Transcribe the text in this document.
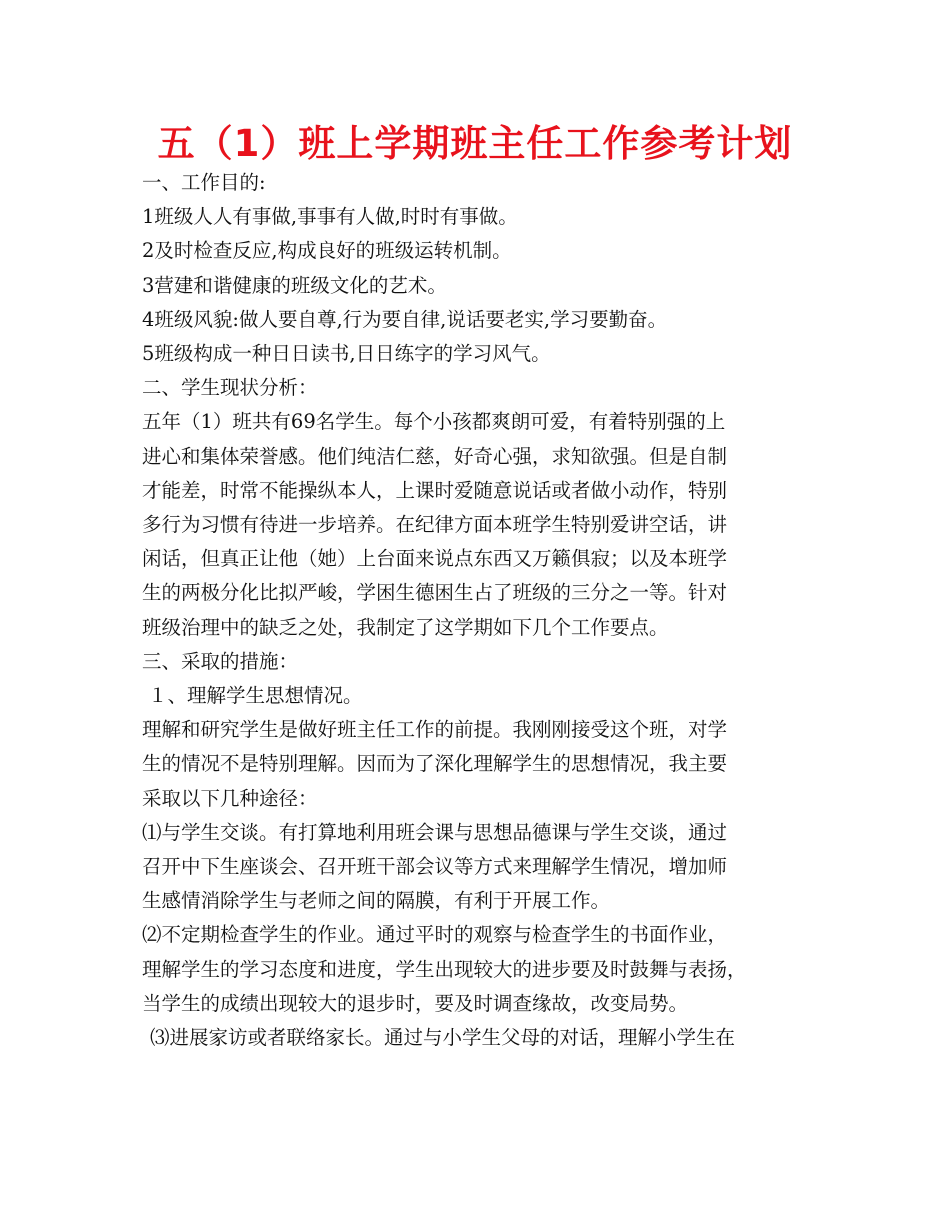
五（1）班上学期班主任工作参考计划

一、工作目的:

1班级人人有事做,事事有人做,时时有事做。

2及时检查反应,构成良好的班级运转机制。

3营建和谐健康的班级文化的艺术。

4班级风貌:做人要自尊,行为要自律,说话要老实,学习要勤奋。

5班级构成一种日日读书,日日练字的学习风气。

二、学生现状分析：

五年（1）班共有69名学生。每个小孩都爽朗可爱，有着特别强的上

进心和集体荣誉感。他们纯洁仁慈，好奇心强，求知欲强。但是自制

才能差，时常不能操纵本人，上课时爱随意说话或者做小动作，特别

多行为习惯有待进一步培养。在纪律方面本班学生特别爱讲空话，讲

闲话，但真正让他（她）上台面来说点东西又万籁俱寂；以及本班学

生的两极分化比拟严峻，学困生德困生占了班级的三分之一等。针对

班级治理中的缺乏之处，我制定了这学期如下几个工作要点。

三、采取的措施：

１、理解学生思想情况。

理解和研究学生是做好班主任工作的前提。我刚刚接受这个班，对学

生的情况不是特别理解。因而为了深化理解学生的思想情况，我主要

采取以下几种途径：

⑴与学生交谈。有打算地利用班会课与思想品德课与学生交谈，通过

召开中下生座谈会、召开班干部会议等方式来理解学生情况，增加师

生感情消除学生与老师之间的隔膜，有利于开展工作。

⑵不定期检查学生的作业。通过平时的观察与检查学生的书面作业，

理解学生的学习态度和进度，学生出现较大的进步要及时鼓舞与表扬，

当学生的成绩出现较大的退步时，要及时调查缘故，改变局势。

⑶进展家访或者联络家长。通过与小学生父母的对话，理解小学生在
